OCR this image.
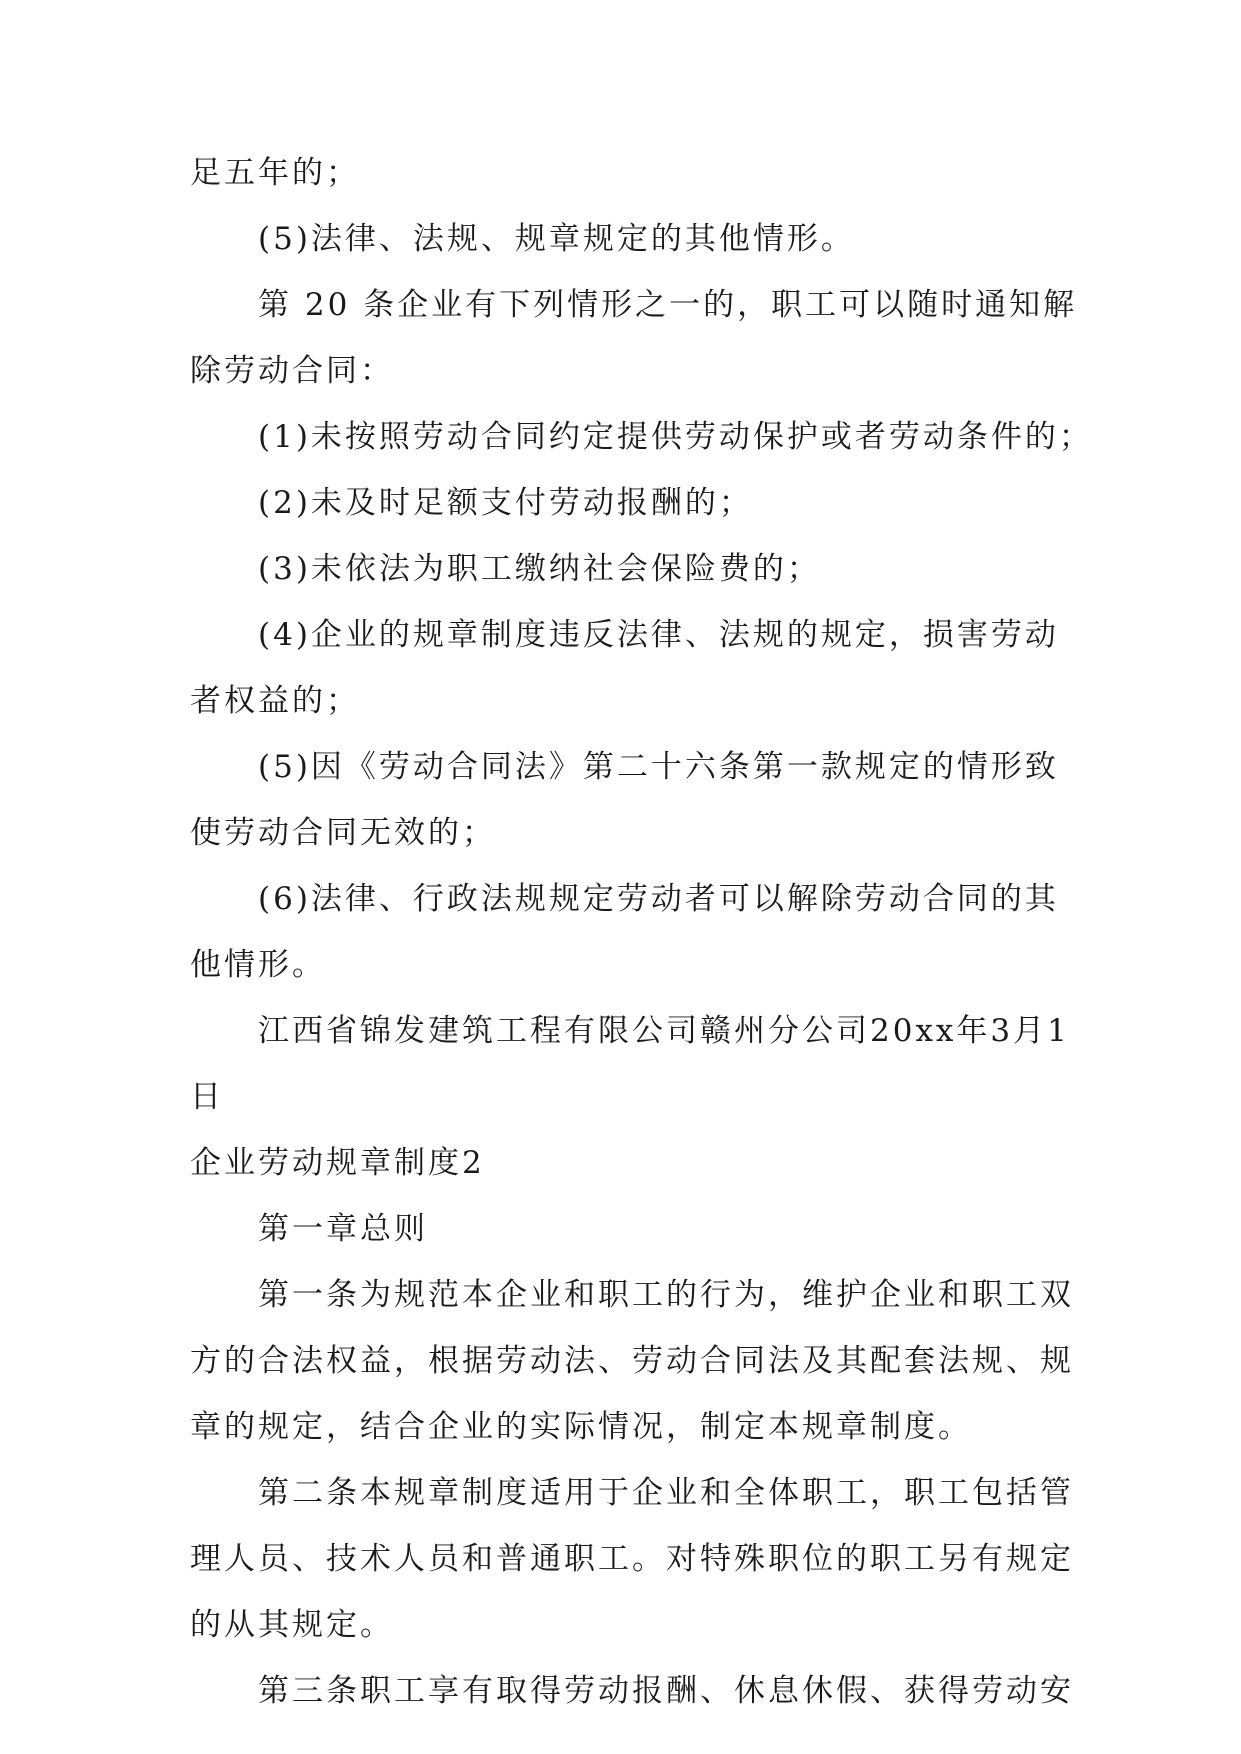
足五年的；
(5)法律、法规、规章规定的其他情形。
第 20 条企业有下列情形之一的，职工可以随时通知解
除劳动合同：
(1)未按照劳动合同约定提供劳动保护或者劳动条件的；
(2)未及时足额支付劳动报酬的；
(3)未依法为职工缴纳社会保险费的；
(4)企业的规章制度违反法律、法规的规定，损害劳动
者权益的；
(5)因《劳动合同法》第二十六条第一款规定的情形致
使劳动合同无效的；
(6)法律、行政法规规定劳动者可以解除劳动合同的其
他情形。
江西省锦发建筑工程有限公司赣州分公司20xx年3月1
日
企业劳动规章制度2
第一章总则
第一条为规范本企业和职工的行为，维护企业和职工双
方的合法权益，根据劳动法、劳动合同法及其配套法规、规
章的规定，结合企业的实际情况，制定本规章制度。
第二条本规章制度适用于企业和全体职工，职工包括管
理人员、技术人员和普通职工。对特殊职位的职工另有规定
的从其规定。
第三条职工享有取得劳动报酬、休息休假、获得劳动安
